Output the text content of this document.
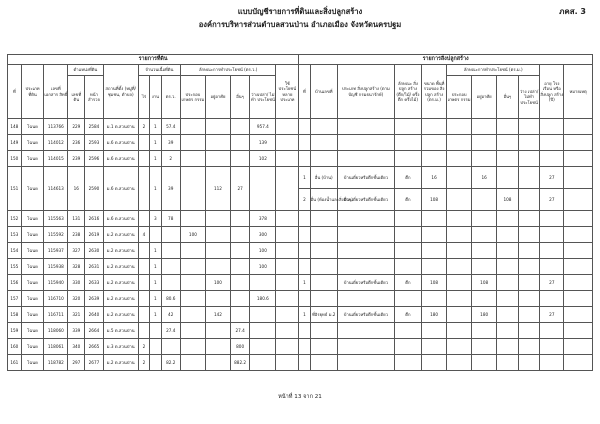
ภคส. 3
แบบบัญชีรายการที่ดินและสิ่งปลูกสร้าง
องค์การบริหารส่วนตำบลสวนป่าน อำเภอเมือง จังหวัดนครปฐม
รายการที่ดิน														รายการสิ่งปลูกสร้าง										
ที่	ประเภท ที่ดิน	เลขที่ เอกสาร สิทธิ์	ตำแหน่งที่ดิน		สถานที่ตั้ง (หมู่ที่/ชุมชน, ตำบล)	จำนวนเนื้อที่ดิน			ลักษณะการทำประโยชน์ (ตร.ว.)				ใช้ ประโยชน์ หลาย ประเภท	ที่	บ้านเลขที่	ประเภท สิ่งปลูกสร้าง (ตามบัญชี กรมธนารักษ์)	ลักษณะ สิ่งปลูก สร้าง (ตึก/ไม้/ ครึ่งตึก ครึ่งไม้)	ขนาด พื้นที่ รวมของ สิ่งปลูก สร้าง (ตร.ม.)	ลักษณะการทำประโยชน์ (ตร.ม.)				อายุ โรงเรือน หรือ สิ่งปลูก สร้าง (ปี)	หมายเหตุ
			เลขที่ ดิน	หน้า สำรวจ		ไร่	งาน	ตร.ว.	ประกอบ เกษตร กรรม	อยู่อาศัย	อื่นๆ	ว่างเปล่า/ ไม่ทำ ประโยชน์							ประกอบ เกษตร กรรม	อยู่อาศัย	อื่นๆ	ว่าง เปล่า/ ไม่ทำ ประโยชน์		
148	โฉนด	113766	229	2584	ม.1 ต.สวนป่าน	2	1	57.4				957.4												
149	โฉนด	114012	236	2593	ม.6 ต.สวนป่าน		1	39				139												
150	โฉนด	114015	239	2596	ม.6 ต.สวนป่าน		1	2				102												
151	โฉนด	114613	16	2590	ม.6 ต.สวนป่าน		1	39		112	27			1	อื่น (บ้าน)	บ้านเดี่ยวหรือตึกชั้นเดียว	ตึก	16		16			27	
														2	อื่น (ห้องน้ำและสิ่งอื่นๆ)	บ้านเดี่ยวหรือตึกชั้นเดียว	ตึก	108			108		27	
152	โฉนด	115563	131	2616	ม.6 ต.สวนป่าน		3	78				378												
153	โฉนด	115592	238	2619	ม.2 ต.สวนป่าน	4			100			300												
154	โฉนด	115937	327	2630	ม.2 ต.สวนป่าน		1					100												
155	โฉนด	115938	328	2631	ม.2 ต.สวนป่าน		1					100												
156	โฉนด	115940	330	2633	ม.2 ต.สวนป่าน		1			100				1		บ้านเดี่ยวหรือตึกชั้นเดียว	ตึก	108		108			27	
157	โฉนด	116710	320	2639	ม.2 ต.สวนป่าน		1	80.6				180.6												
158	โฉนด	116711	321	2640	ม.2 ต.สวนป่าน		1	42		142				1	ที่อิรยุทธ์ ม.2	บ้านเดี่ยวหรือตึกชั้นเดียว	ตึก	180		180			27	
159	โฉนด	118060	339	2664	ม.5 ต.สวนป่าน			27.4			27.4													
160	โฉนด	118061	340	2665	ม.3 ต.สวนป่าน	2					800													
161	โฉนด	118782	297	2677	ม.2 ต.สวนป่าน	2		82.2			882.2													
หน้าที่ 13 จาก 21
